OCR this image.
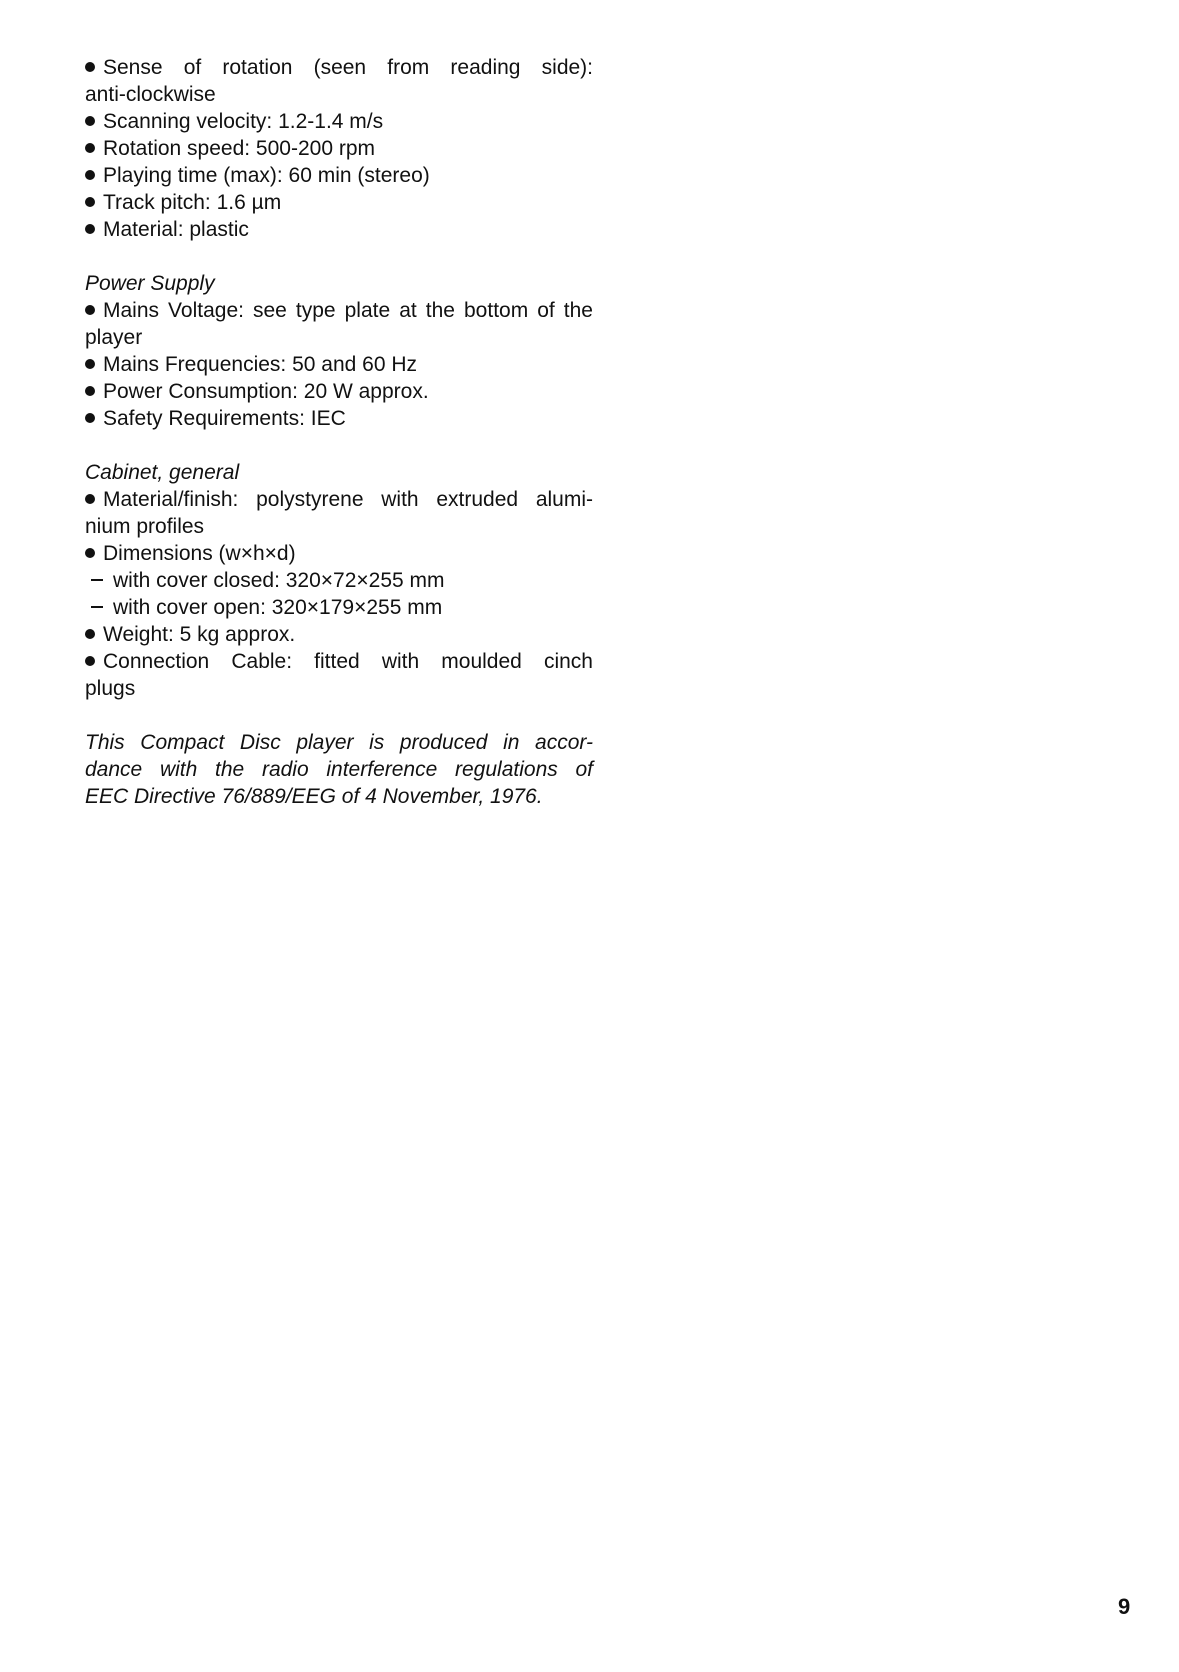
Sense of rotation (seen from reading side):
anti-clockwise
Scanning velocity: 1.2-1.4 m/s
Rotation speed: 500-200 rpm
Playing time (max): 60 min (stereo)
Track pitch: 1.6 µm
Material: plastic
Power Supply
Mains Voltage: see type plate at the bottom of the
player
Mains Frequencies: 50 and 60 Hz
Power Consumption: 20 W approx.
Safety Requirements: IEC
Cabinet, general
Material/finish: polystyrene with extruded alumi-
nium profiles
Dimensions (w×h×d)
with cover closed: 320×72×255 mm
with cover open: 320×179×255 mm
Weight: 5 kg approx.
Connection Cable: fitted with moulded cinch
plugs
This Compact Disc player is produced in accor-
dance with the radio interference regulations of
EEC Directive 76/889/EEG of 4 November, 1976.
9
